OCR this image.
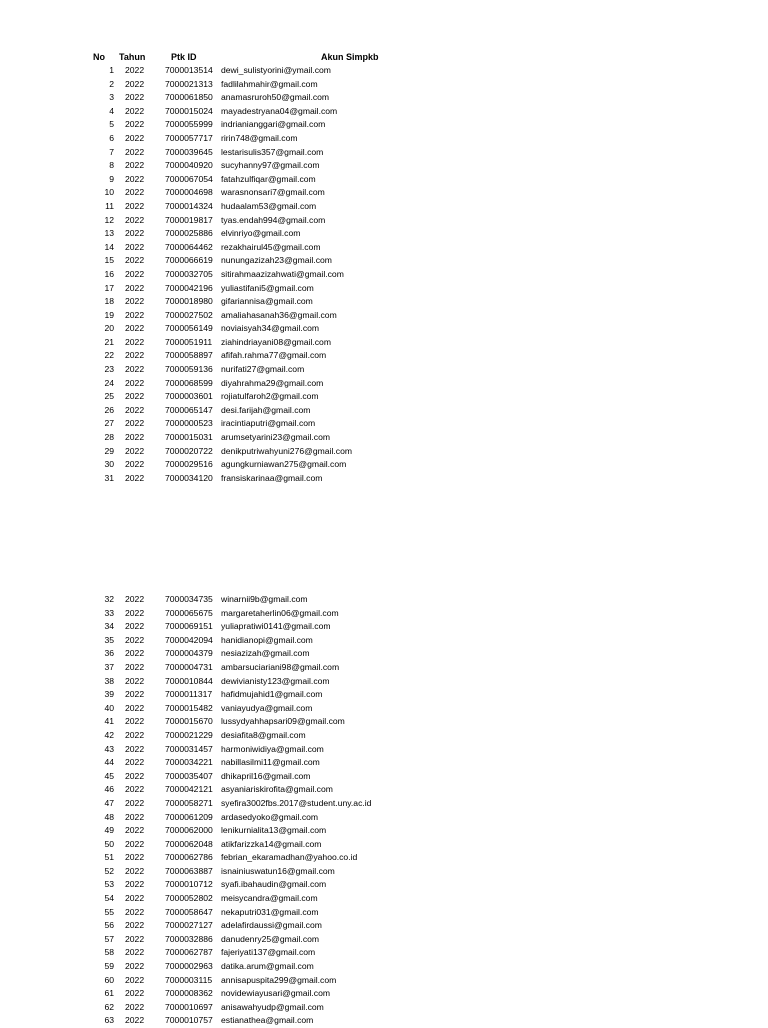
No Tahun	Ptk ID	Akun Simpkb
1 2022 7000013514 dewi_sulistyorini@ymail.com
2 2022 7000021313 fadlilahmahir@gmail.com
3 2022 7000061850 anamasruroh50@gmail.com
4 2022 7000015024 mayadestryana04@gmail.com
5 2022 7000055999 indrianianggari@gmail.com
6 2022 7000057717 ririn748@gmail.com
7 2022 7000039645 lestarisulis357@gmail.com
8 2022 7000040920 sucyhanny97@gmail.com
9 2022 7000067054 fatahzulfiqar@gmail.com
10 2022 7000004698 warasnonsari7@gmail.com
11 2022 7000014324 hudaalam53@gmail.com
12 2022 7000019817 tyas.endah994@gmail.com
13 2022 7000025886 elvinriyo@gmail.com
14 2022 7000064462 rezakhairul45@gmail.com
15 2022 7000066619 nunungazizah23@gmail.com
16 2022 7000032705 sitirahmaazizahwati@gmail.com
17 2022 7000042196 yuliastifani5@gmail.com
18 2022 7000018980 gifariannisa@gmail.com
19 2022 7000027502 amaliahasanah36@gmail.com
20 2022 7000056149 noviaisyah34@gmail.com
21 2022 7000051911 ziahindriayani08@gmail.com
22 2022 7000058897 afifah.rahma77@gmail.com
23 2022 7000059136 nurifati27@gmail.com
24 2022 7000068599 diyahrahma29@gmail.com
25 2022 7000003601 rojiatulfaroh2@gmail.com
26 2022 7000065147 desi.farijah@gmail.com
27 2022 7000000523 iracintiaputri@gmail.com
28 2022 7000015031 arumsetyarini23@gmail.com
29 2022 7000020722 denikputriwahyuni276@gmail.com
30 2022 7000029516 agungkurniawan275@gmail.com
31 2022 7000034120 fransiskarinaa@gmail.com
32 2022 7000034735 winarnii9b@gmail.com
33 2022 7000065675 margaretaherlin06@gmail.com
34 2022 7000069151 yuliapratiwi0141@gmail.com
35 2022 7000042094 hanidianopi@gmail.com
36 2022 7000004379 nesiazizah@gmail.com
37 2022 7000004731 ambarsuciariani98@gmail.com
38 2022 7000010844 dewivianisty123@gmail.com
39 2022 7000011317 hafidmujahid1@gmail.com
40 2022 7000015482 vaniayudya@gmail.com
41 2022 7000015670 lussydyahhapsari09@gmail.com
42 2022 7000021229 desiafita8@gmail.com
43 2022 7000031457 harmoniwidiya@gmail.com
44 2022 7000034221 nabillasilmi11@gmail.com
45 2022 7000035407 dhikapril16@gmail.com
46 2022 7000042121 asyaniariskirofita@gmail.com
47 2022 7000058271 syefira3002fbs.2017@student.uny.ac.id
48 2022 7000061209 ardasedyoko@gmail.com
49 2022 7000062000 lenikurnialita13@gmail.com
50 2022 7000062048 atikfarizzka14@gmail.com
51 2022 7000062786 febrian_ekaramadhan@yahoo.co.id
52 2022 7000063887 isnainiuswatun16@gmail.com
53 2022 7000010712 syafi.ibahaudin@gmail.com
54 2022 7000052802 meisycandra@gmail.com
55 2022 7000058647 nekaputri031@gmail.com
56 2022 7000027127 adelafirdaussi@gmail.com
57 2022 7000032886 danudenry25@gmail.com
58 2022 7000062787 fajeriyati137@gmail.com
59 2022 7000002963 datika.arum@gmail.com
60 2022 7000003115 annisapuspita299@gmail.com
61 2022 7000008362 novidewiayusari@gmail.com
62 2022 7000010697 anisawahyudp@gmail.com
63 2022 7000010757 estianathea@gmail.com
